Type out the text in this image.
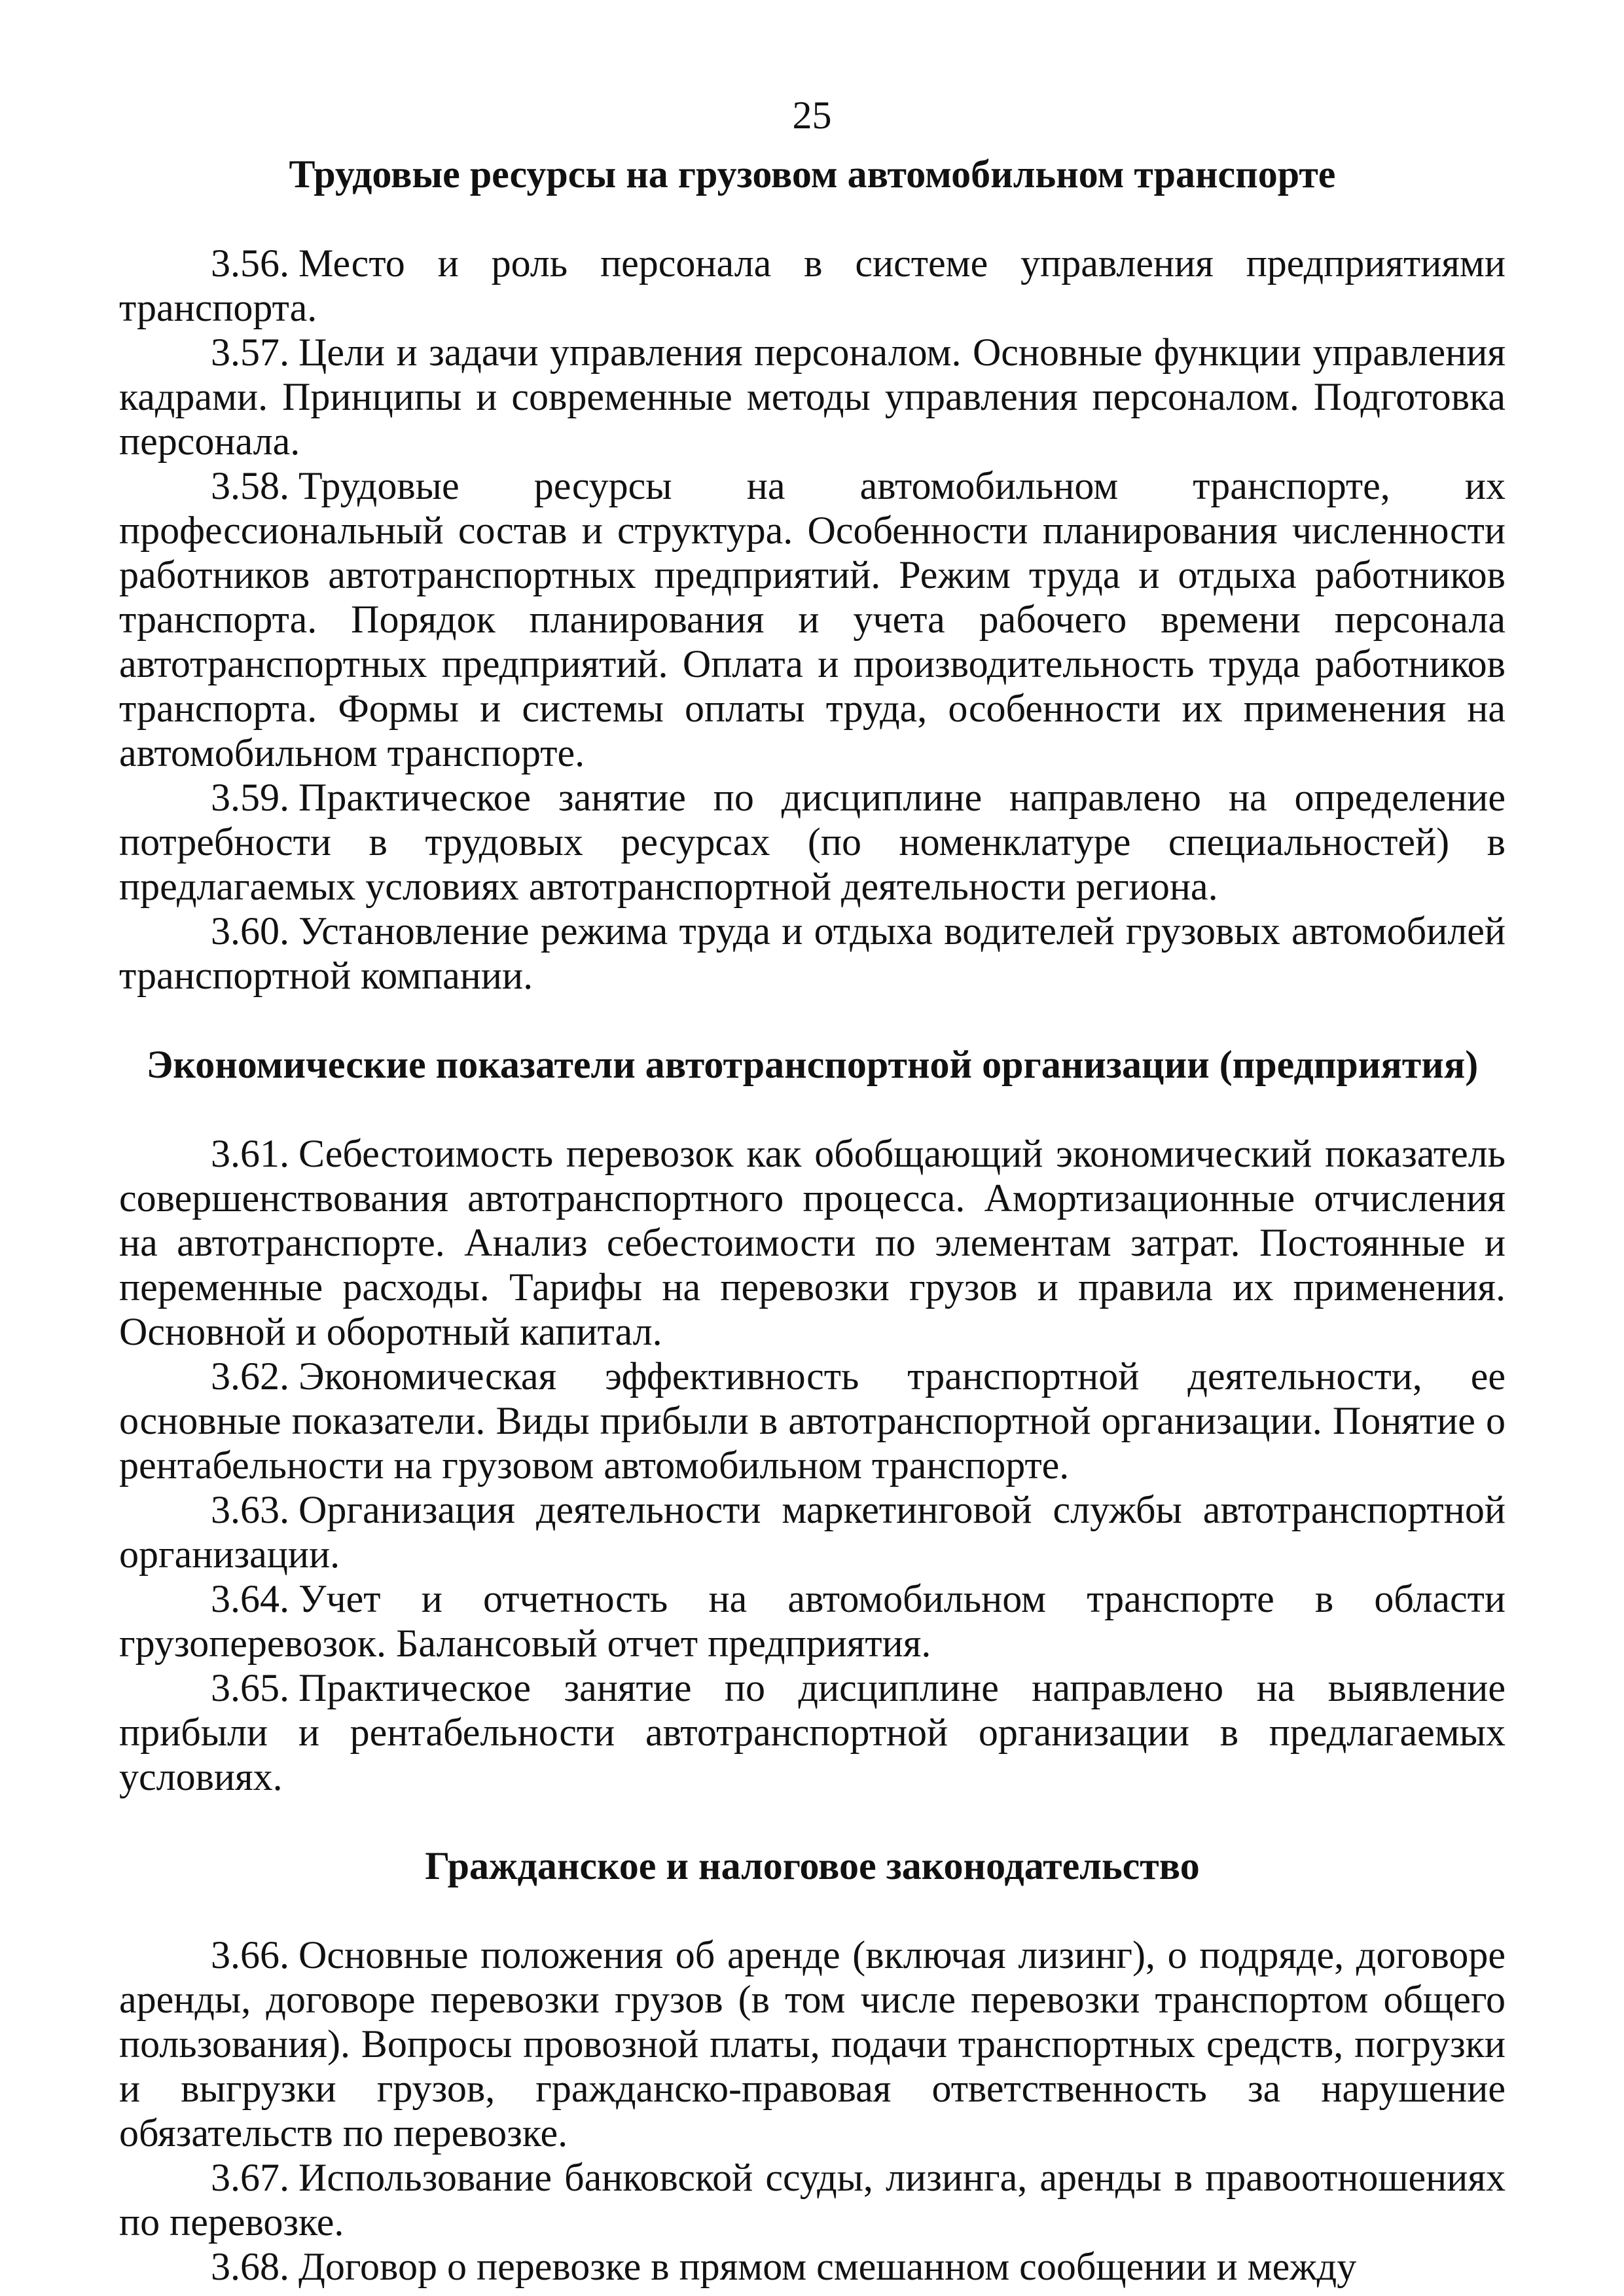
25
Трудовые ресурсы на грузовом автомобильном транспорте

3.56. Место и роль персонала в системе управления предприятиями транспорта.

3.57. Цели и задачи управления персоналом. Основные функции управления кадрами. Принципы и современные методы управления персоналом. Подготовка персонала.

3.58. Трудовые ресурсы на автомобильном транспорте, их профессиональный состав и структура. Особенности планирования численности работников автотранспортных предприятий. Режим труда и отдыха работников транспорта. Порядок планирования и учета рабочего времени персонала автотранспортных предприятий. Оплата и производительность труда работников транспорта. Формы и системы оплаты труда, особенности их применения на автомобильном транспорте.

3.59. Практическое занятие по дисциплине направлено на определение потребности в трудовых ресурсах (по номенклатуре специальностей) в предлагаемых условиях автотранспортной деятельности региона.

3.60. Установление режима труда и отдыха водителей грузовых автомобилей транспортной компании.

Экономические показатели автотранспортной организации (предприятия)

3.61. Себестоимость перевозок как обобщающий экономический показатель совершенствования автотранспортного процесса. Амортизационные отчисления на автотранспорте. Анализ себестоимости по элементам затрат. Постоянные и переменные расходы. Тарифы на перевозки грузов и правила их применения. Основной и оборотный капитал.

3.62. Экономическая эффективность транспортной деятельности, ее основные показатели. Виды прибыли в автотранспортной организации. Понятие о рентабельности на грузовом автомобильном транспорте.

3.63. Организация деятельности маркетинговой службы автотранспортной организации.

3.64. Учет и отчетность на автомобильном транспорте в области грузоперевозок. Балансовый отчет предприятия.

3.65. Практическое занятие по дисциплине направлено на выявление прибыли и рентабельности автотранспортной организации в предлагаемых условиях.

Гражданское и налоговое законодательство

3.66. Основные положения об аренде (включая лизинг), о подряде, договоре аренды, договоре перевозки грузов (в том числе перевозки транспортом общего пользования). Вопросы провозной платы, подачи транспортных средств, погрузки и выгрузки грузов, гражданско-правовая ответственность за нарушение обязательств по перевозке.

3.67. Использование банковской ссуды, лизинга, аренды в правоотношениях по перевозке.

3.68. Договор о перевозке в прямом смешанном сообщении и между
